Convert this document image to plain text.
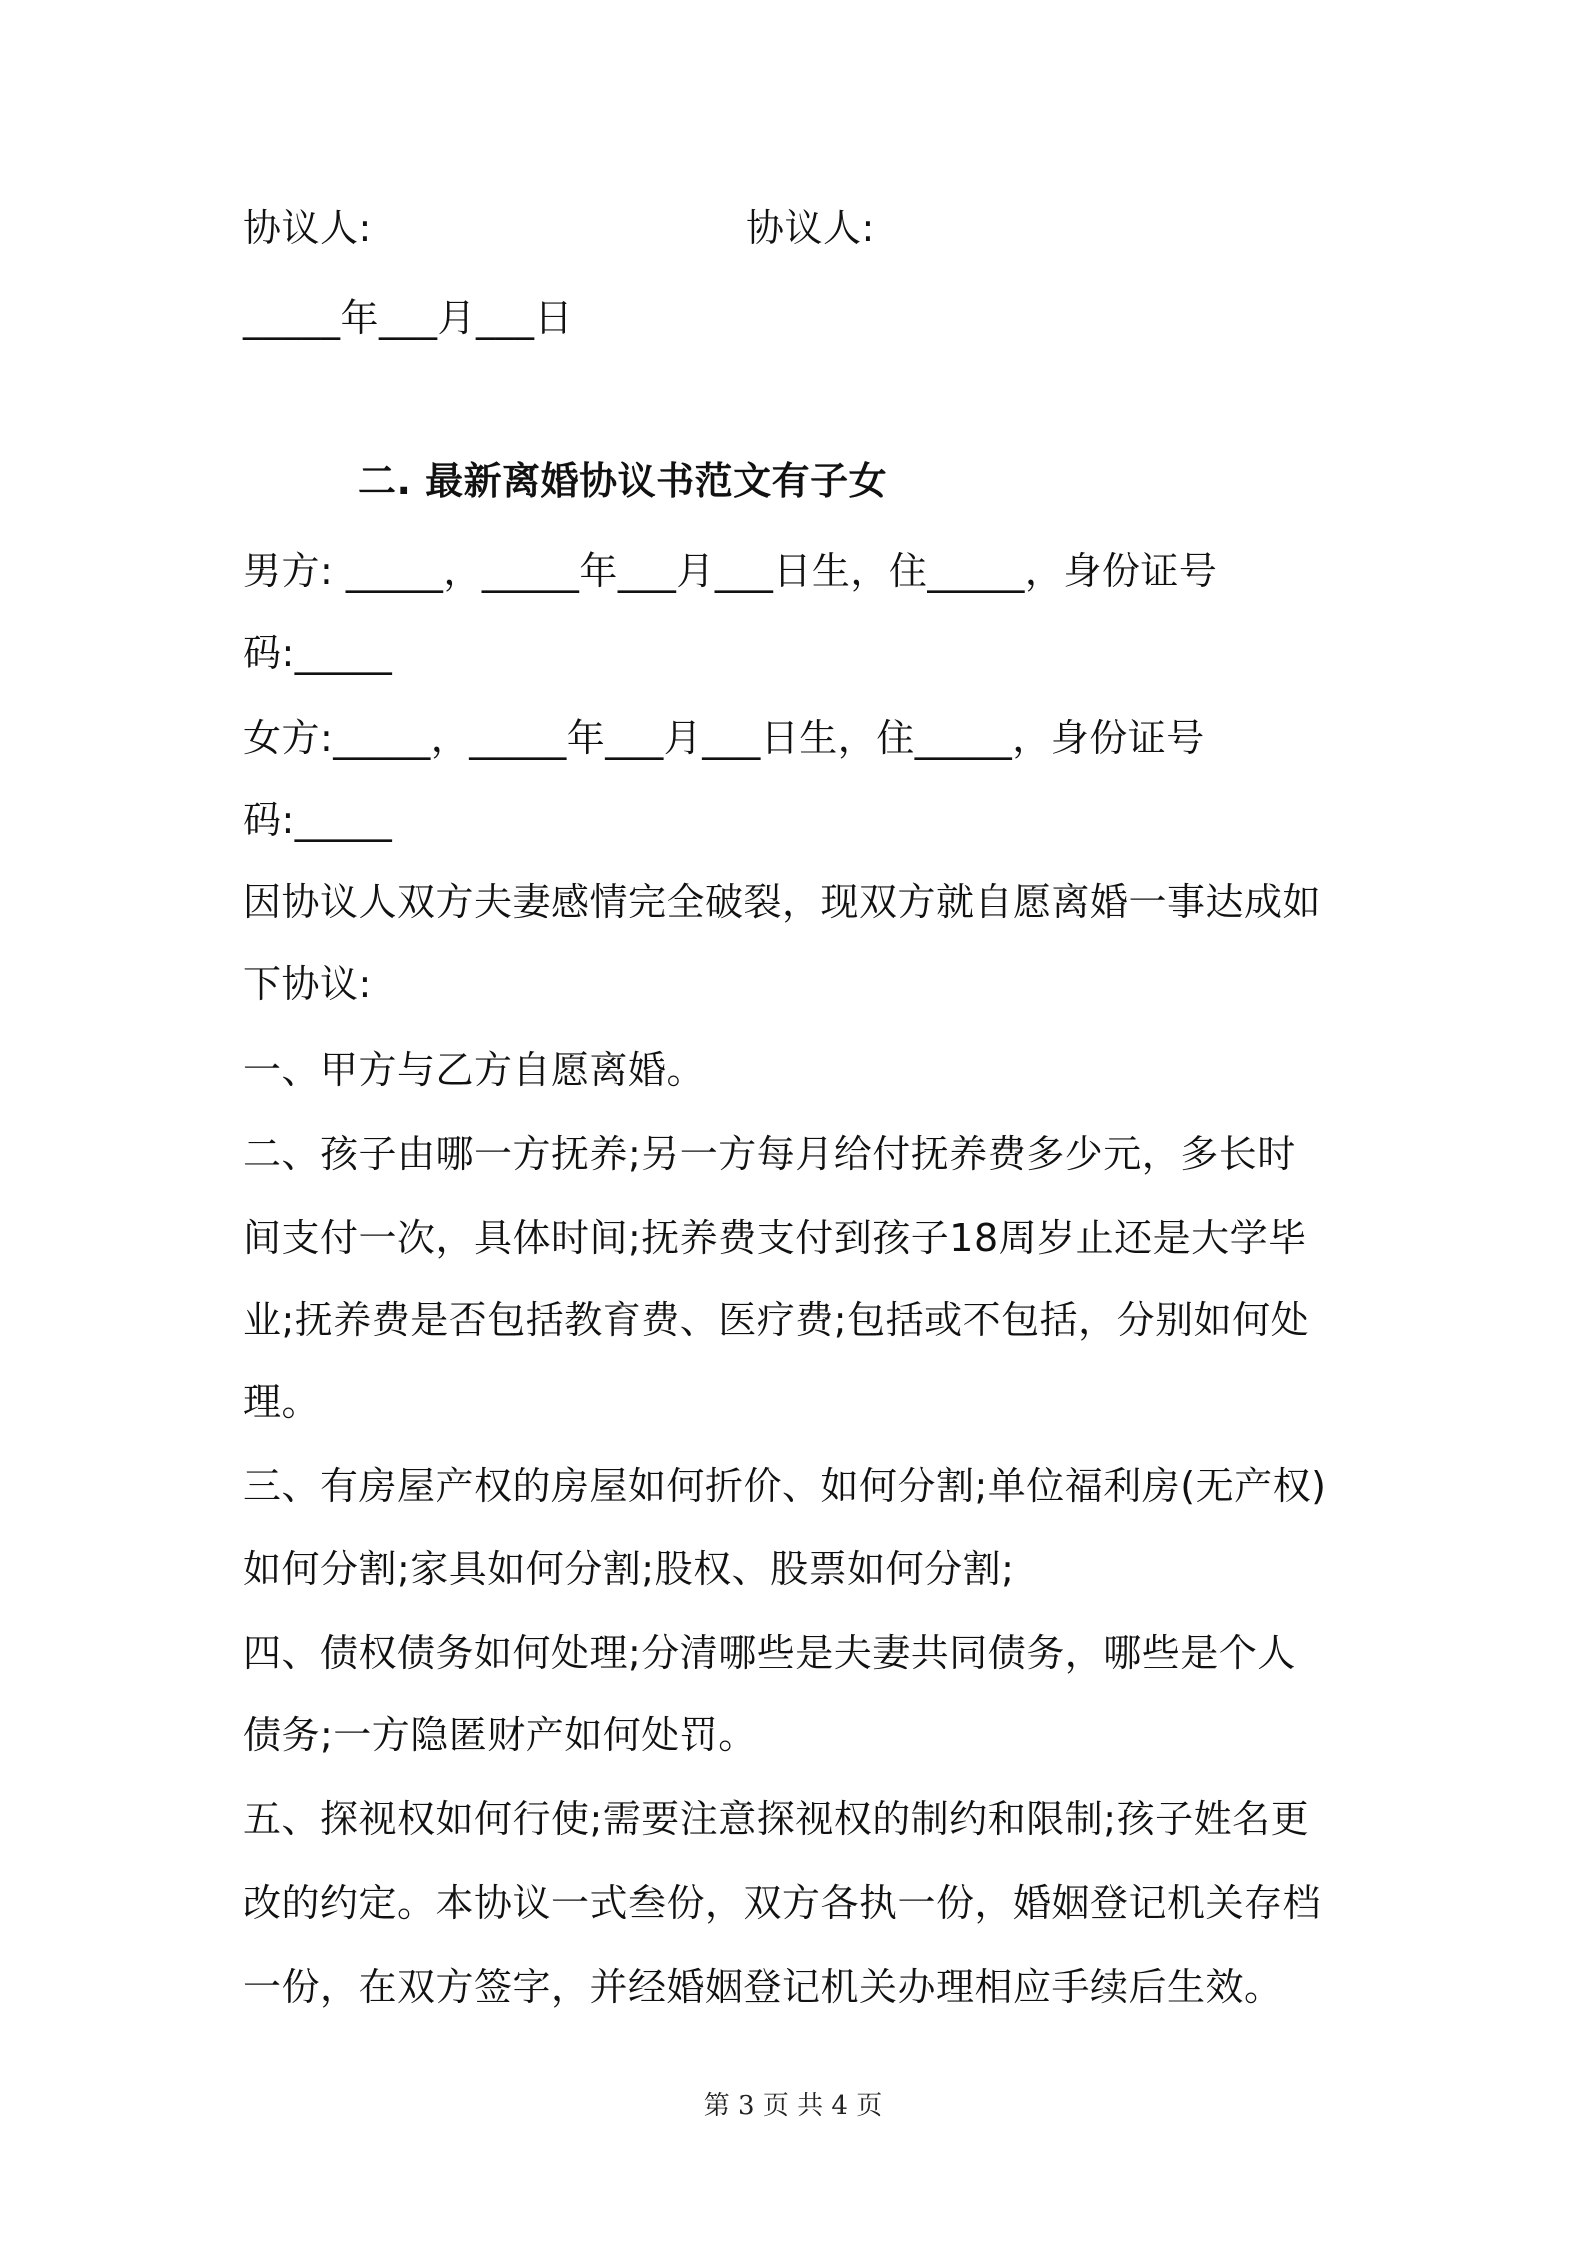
协议人:	协议人:
_____年___月___日
二. 最新离婚协议书范文有子女
男方: _____，_____年___月___日生，住_____，身份证号
码:_____
女方:_____，_____年___月___日生，住_____，身份证号
码:_____
因协议人双方夫妻感情完全破裂，现双方就自愿离婚一事达成如
下协议:
一、甲方与乙方自愿离婚。
二、孩子由哪一方抚养;另一方每月给付抚养费多少元，多长时
间支付一次，具体时间;抚养费支付到孩子18周岁止还是大学毕
业;抚养费是否包括教育费、医疗费;包括或不包括，分别如何处
理。
三、有房屋产权的房屋如何折价、如何分割;单位福利房(无产权)
如何分割;家具如何分割;股权、股票如何分割;
四、债权债务如何处理;分清哪些是夫妻共同债务，哪些是个人
债务;一方隐匿财产如何处罚。
五、探视权如何行使;需要注意探视权的制约和限制;孩子姓名更
改的约定。本协议一式叁份，双方各执一份，婚姻登记机关存档
一份，在双方签字，并经婚姻登记机关办理相应手续后生效。
第 3 页 共 4 页
